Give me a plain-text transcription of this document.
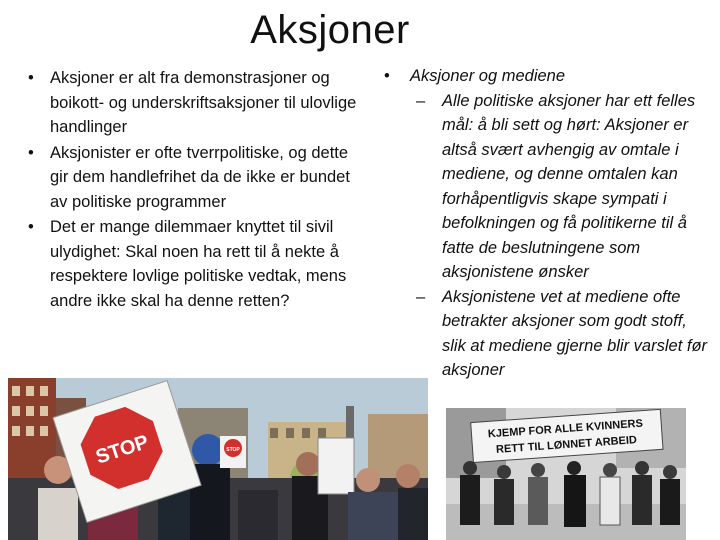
Aksjoner
• Aksjoner er alt fra demonstrasjoner og boikott- og underskriftsaksjoner til ulovlige handlinger
• Aksjonister er ofte tverrpolitiske, og dette gir dem handlefrihet da de ikke er bundet av politiske programmer
• Det er mange dilemmaer knyttet til sivil ulydighet: Skal noen ha rett til å nekte å respektere lovlige politiske vedtak, mens andre ikke skal ha denne retten?
• Aksjoner og mediene
– Alle politiske aksjoner har ett felles mål: å bli sett og hørt: Aksjoner er altså svært avhengig av omtale i mediene, og denne omtalen kan forhåpentligvis skape sympati i befolkningen og få politikerne til å fatte de beslutningene som aksjonistene ønsker
– Aksjonistene vet at mediene ofte betrakter aksjoner som godt stoff, slik at mediene gjerne blir varslet før aksjoner
STOP	STOP
KJEMP FOR ALLE KVINNERS
RETT TIL LØNNET ARBEID
